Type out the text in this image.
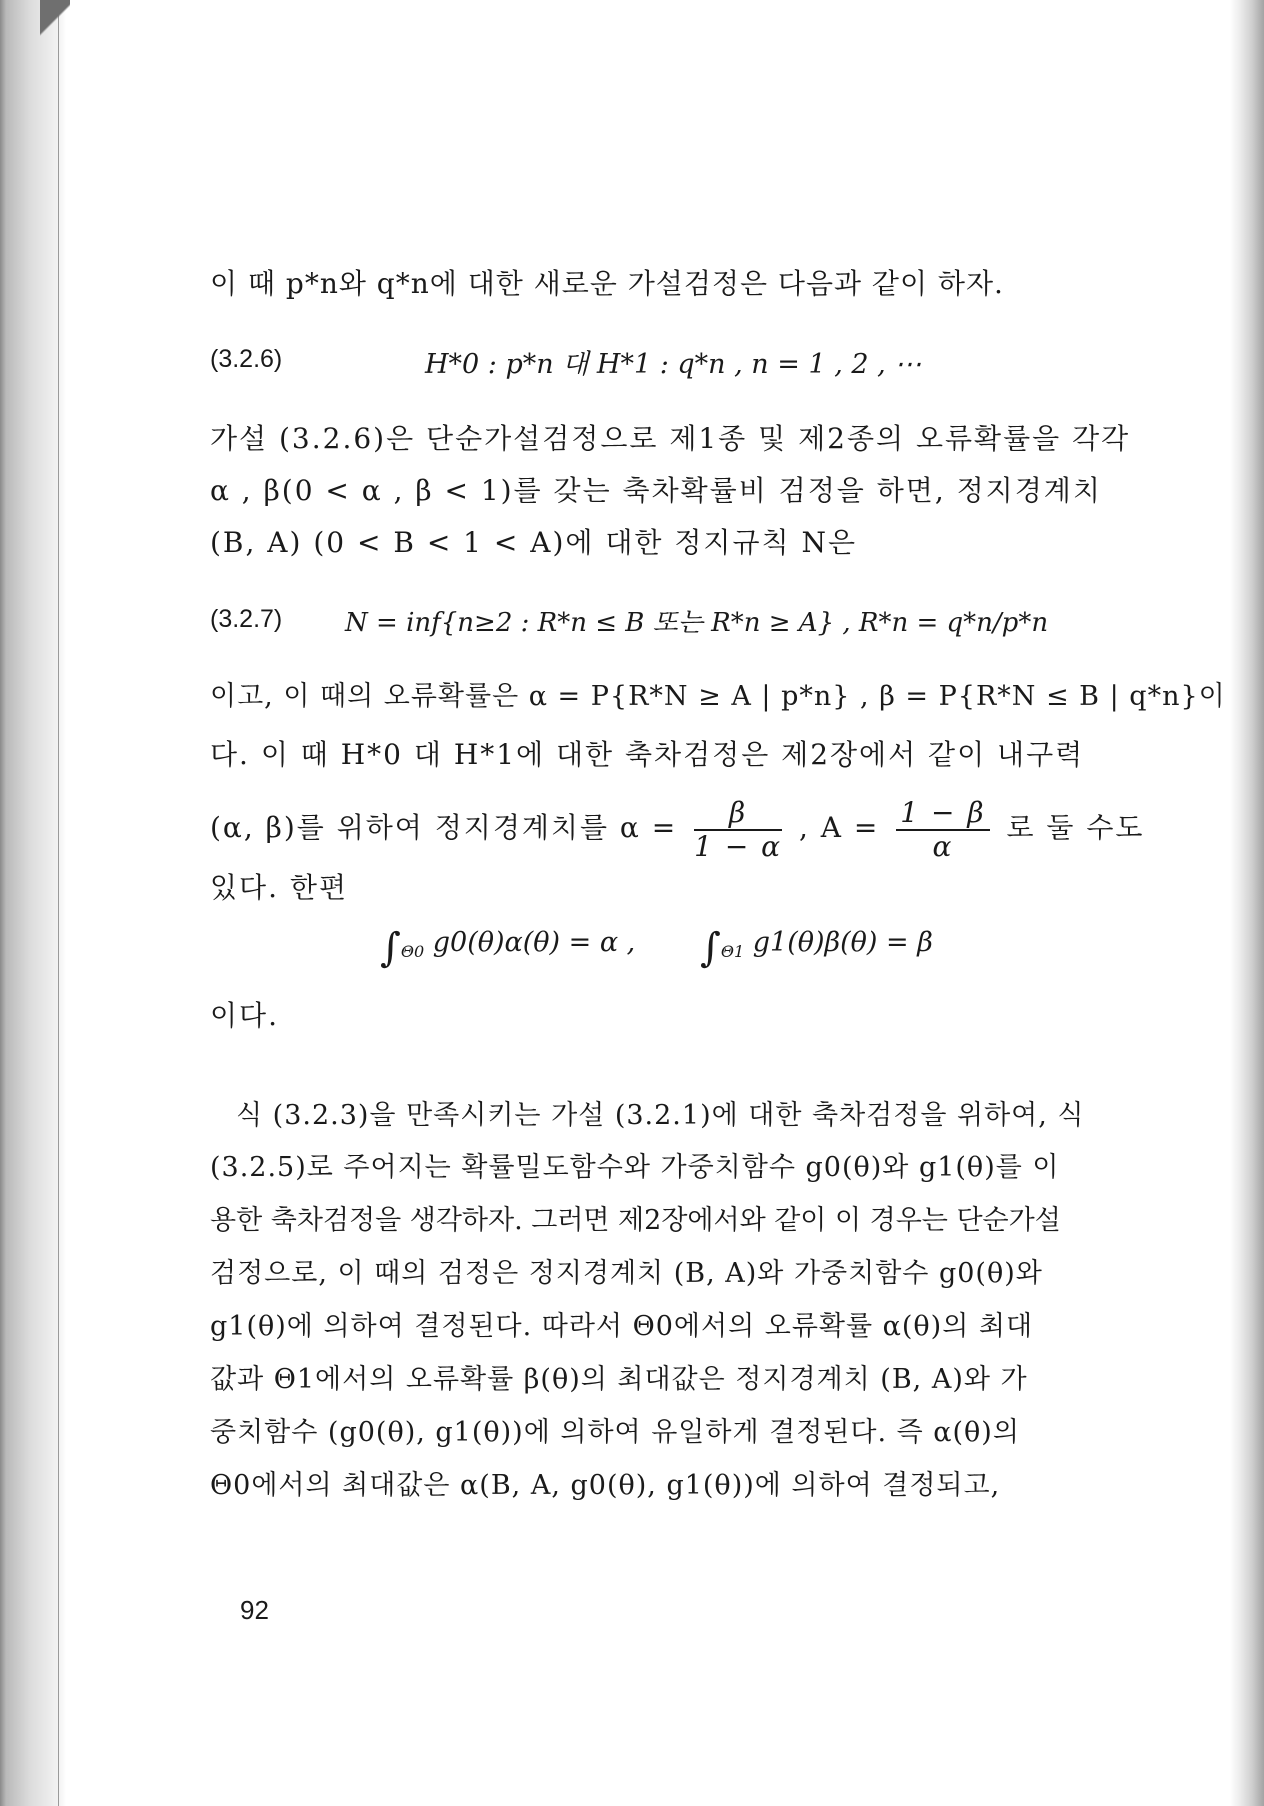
이 때 p*n와 q*n에 대한 새로운 가설검정은 다음과 같이 하자.
(3.2.6)	H*0 : p*n 대 H*1 : q*n , n = 1 , 2 , ⋯
가설 (3.2.6)은 단순가설검정으로 제1종 및 제2종의 오류확률을 각각
α , β(0 < α , β < 1)를 갖는 축차확률비 검정을 하면, 정지경계치
(B, A) (0 < B < 1 < A)에 대한 정지규칙 N은
(3.2.7) N = inf{n≥2 : R*n ≤ B 또는 R*n ≥ A} , R*n = q*n/p*n
이고, 이 때의 오류확률은 α = P{R*N ≥ A | p*n} , β = P{R*N ≤ B | q*n}이
다. 이 때 H*0 대 H*1에 대한 축차검정은 제2장에서 같이 내구력
(α, β)를 위하여 정지경계치를 $\alpha = \frac{\beta}{1 - \alpha}$ , $A = \frac{1 - \beta}{\alpha}$ 로 둘 수도
있다. 한편
$\int_{\Theta 0}$ g0(θ)α(θ) = α , $\int_{\Theta 1}$ g1(θ)β(θ) = β
이다.
식 (3.2.3)을 만족시키는 가설 (3.2.1)에 대한 축차검정을 위하여, 식
(3.2.5)로 주어지는 확률밀도함수와 가중치함수 g0(θ)와 g1(θ)를 이
용한 축차검정을 생각하자. 그러면 제2장에서와 같이 이 경우는 단순가설
검정으로, 이 때의 검정은 정지경계치 (B, A)와 가중치함수 g0(θ)와
g1(θ)에 의하여 결정된다. 따라서 Θ0에서의 오류확률 α(θ)의 최대
값과 Θ1에서의 오류확률 β(θ)의 최대값은 정지경계치 (B, A)와 가
중치함수 (g0(θ), g1(θ))에 의하여 유일하게 결정된다. 즉 α(θ)의
Θ0에서의 최대값은 α(B, A, g0(θ), g1(θ))에 의하여 결정되고,
92
